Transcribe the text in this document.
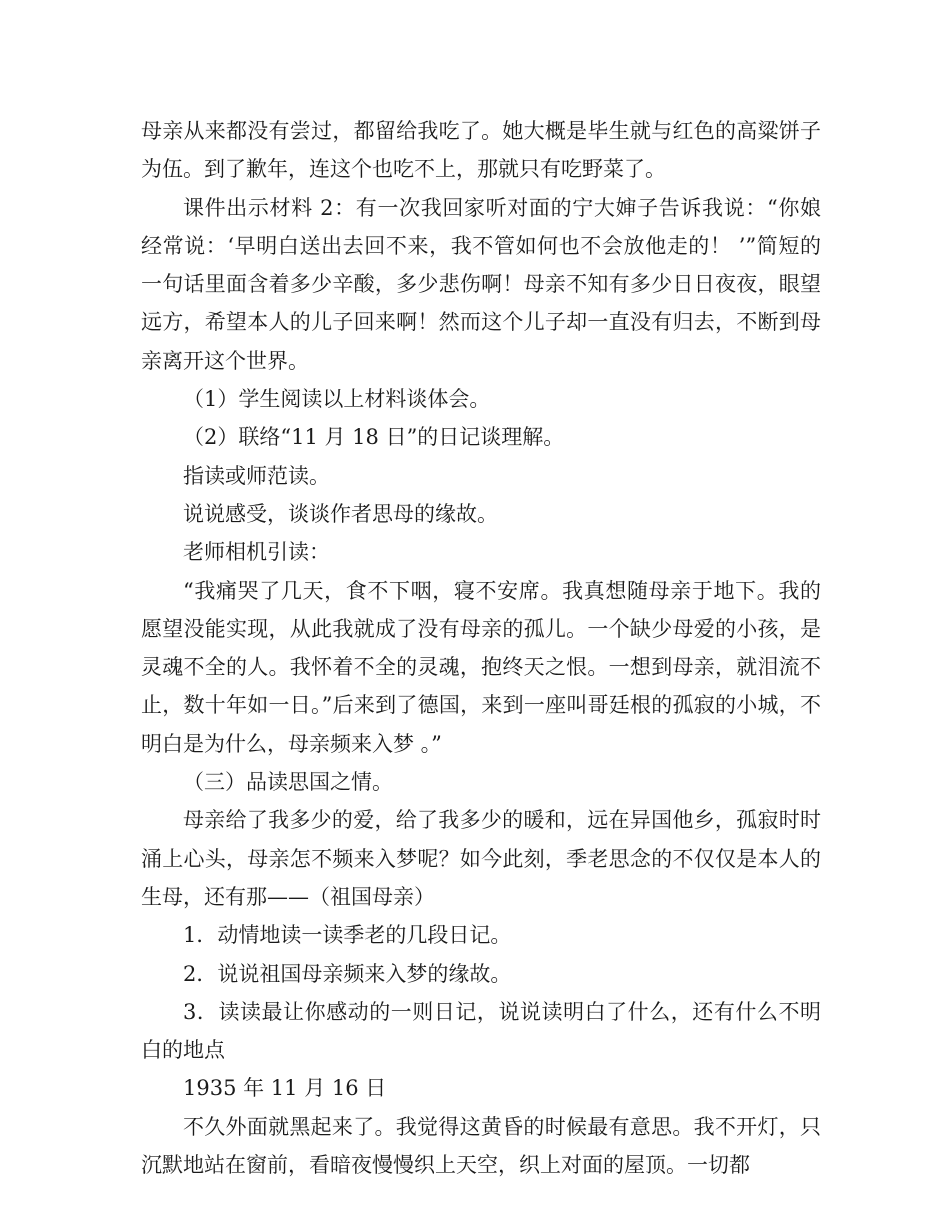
母亲从来都没有尝过，都留给我吃了。她大概是毕生就与红色的高粱饼子为伍。到了歉年，连这个也吃不上，那就只有吃野菜了。

课件出示材料 2：有一次我回家听对面的宁大婶子告诉我说：“你娘经常说：‘早明白送出去回不来，我不管如何也不会放他走的！ ’”简短的一句话里面含着多少辛酸，多少悲伤啊！母亲不知有多少日日夜夜，眼望远方，希望本人的儿子回来啊！然而这个儿子却一直没有归去，不断到母亲离开这个世界。

（1）学生阅读以上材料谈体会。

（2）联络“11 月 18 日”的日记谈理解。

指读或师范读。

说说感受，谈谈作者思母的缘故。

老师相机引读：

“我痛哭了几天，食不下咽，寝不安席。我真想随母亲于地下。我的愿望没能实现，从此我就成了没有母亲的孤儿。一个缺少母爱的小孩，是灵魂不全的人。我怀着不全的灵魂，抱终天之恨。一想到母亲，就泪流不止，数十年如一日。”后来到了德国，来到一座叫哥廷根的孤寂的小城，不明白是为什么，母亲频来入梦 。”

（三）品读思国之情。

母亲给了我多少的爱，给了我多少的暖和，远在异国他乡，孤寂时时涌上心头，母亲怎不频来入梦呢？如今此刻，季老思念的不仅仅是本人的生母，还有那——（祖国母亲）

1．动情地读一读季老的几段日记。

2．说说祖国母亲频来入梦的缘故。

3．读读最让你感动的一则日记，说说读明白了什么，还有什么不明白的地点

1935 年 11 月 16 日

不久外面就黑起来了。我觉得这黄昏的时候最有意思。我不开灯，只沉默地站在窗前，看暗夜慢慢织上天空，织上对面的屋顶。一切都
